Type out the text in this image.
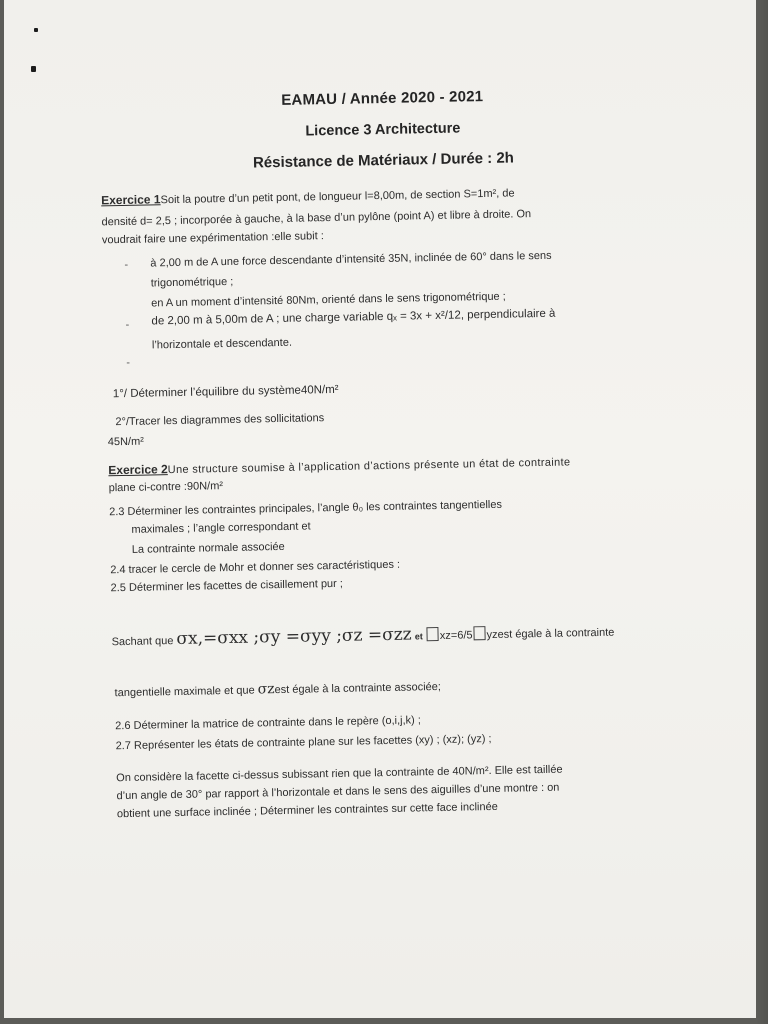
EAMAU / Année 2020 - 2021
Licence 3 Architecture
Résistance de Matériaux / Durée : 2h
Exercice 1Soit la poutre d’un petit pont, de longueur l=8,00m, de section S=1m², de
densité d= 2,5 ; incorporée à gauche, à la base d’un pylône (point A) et libre à droite. On
voudrait faire une expérimentation :elle subit :
- à 2,00 m de A une force descendante d’intensité 35N, inclinée de 60° dans le sens
trigonométrique ;
en A un moment d’intensité 80Nm, orienté dans le sens trigonométrique ;
- de 2,00 m à 5,00m de A ; une charge variable qₓ = 3x + x²/12, perpendiculaire à
l’horizontale et descendante.
-
1°/ Déterminer l’équilibre du système40N/m²
2°/Tracer les diagrammes des sollicitations
45N/m²
Exercice 2Une structure soumise à l’application d’actions présente un état de contrainte
plane ci-contre :90N/m²
2.3 Déterminer les contraintes principales, l’angle θ₀ les contraintes tangentielles
maximales ; l’angle correspondant et
La contrainte normale associée
2.4 tracer le cercle de Mohr et donner ses caractéristiques :
2.5 Déterminer les facettes de cisaillement pur ;
Sachant que σx,=σxx ;σy =σyy ;σz =σzz et xz=6/5 yzest égale à la contrainte
tangentielle maximale et que σzest égale à la contrainte associée;
2.6 Déterminer la matrice de contrainte dans le repère (o,i,j,k) ;
2.7 Représenter les états de contrainte plane sur les facettes (xy) ; (xz); (yz) ;
On considère la facette ci-dessus subissant rien que la contrainte de 40N/m². Elle est taillée
d’un angle de 30° par rapport à l’horizontale et dans le sens des aiguilles d’une montre : on
obtient une surface inclinée ; Déterminer les contraintes sur cette face inclinée
